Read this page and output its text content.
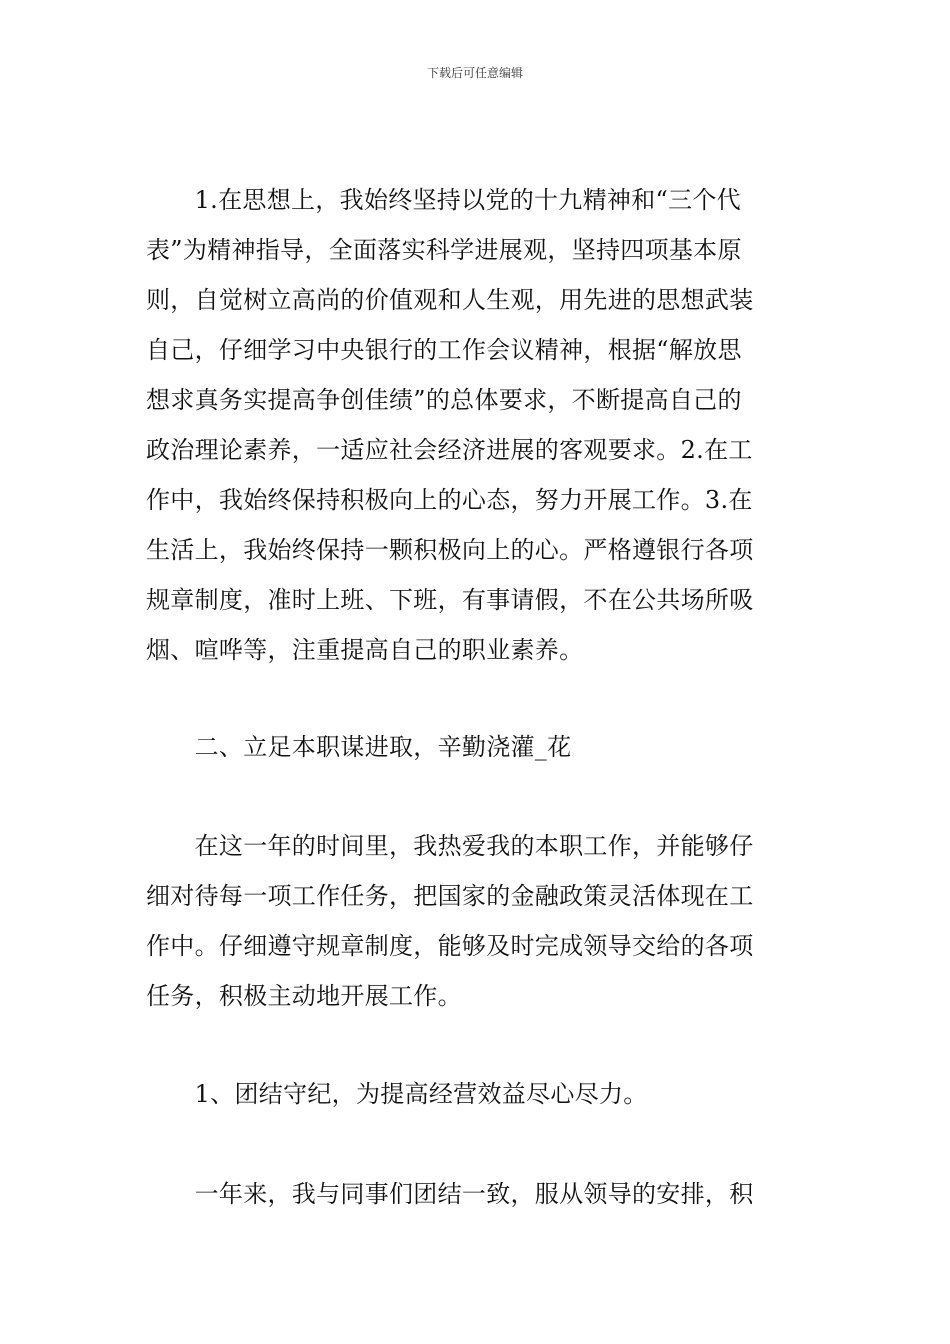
下载后可任意编辑
　　1.在思想上，我始终坚持以党的十九精神和“三个代
表”为精神指导，全面落实科学进展观，坚持四项基本原
则，自觉树立高尚的价值观和人生观，用先进的思想武装
自己，仔细学习中央银行的工作会议精神，根据“解放思
想求真务实提高争创佳绩”的总体要求，不断提高自己的
政治理论素养，一适应社会经济进展的客观要求。2.在工
作中，我始终保持积极向上的心态，努力开展工作。3.在
生活上，我始终保持一颗积极向上的心。严格遵银行各项
规章制度，准时上班、下班，有事请假，不在公共场所吸
烟、喧哗等，注重提高自己的职业素养。
　　二、立足本职谋进取，辛勤浇灌_花
　　在这一年的时间里，我热爱我的本职工作，并能够仔
细对待每一项工作任务，把国家的金融政策灵活体现在工
作中。仔细遵守规章制度，能够及时完成领导交给的各项
任务，积极主动地开展工作。
　　1、团结守纪，为提高经营效益尽心尽力。
　　一年来，我与同事们团结一致，服从领导的安排，积
